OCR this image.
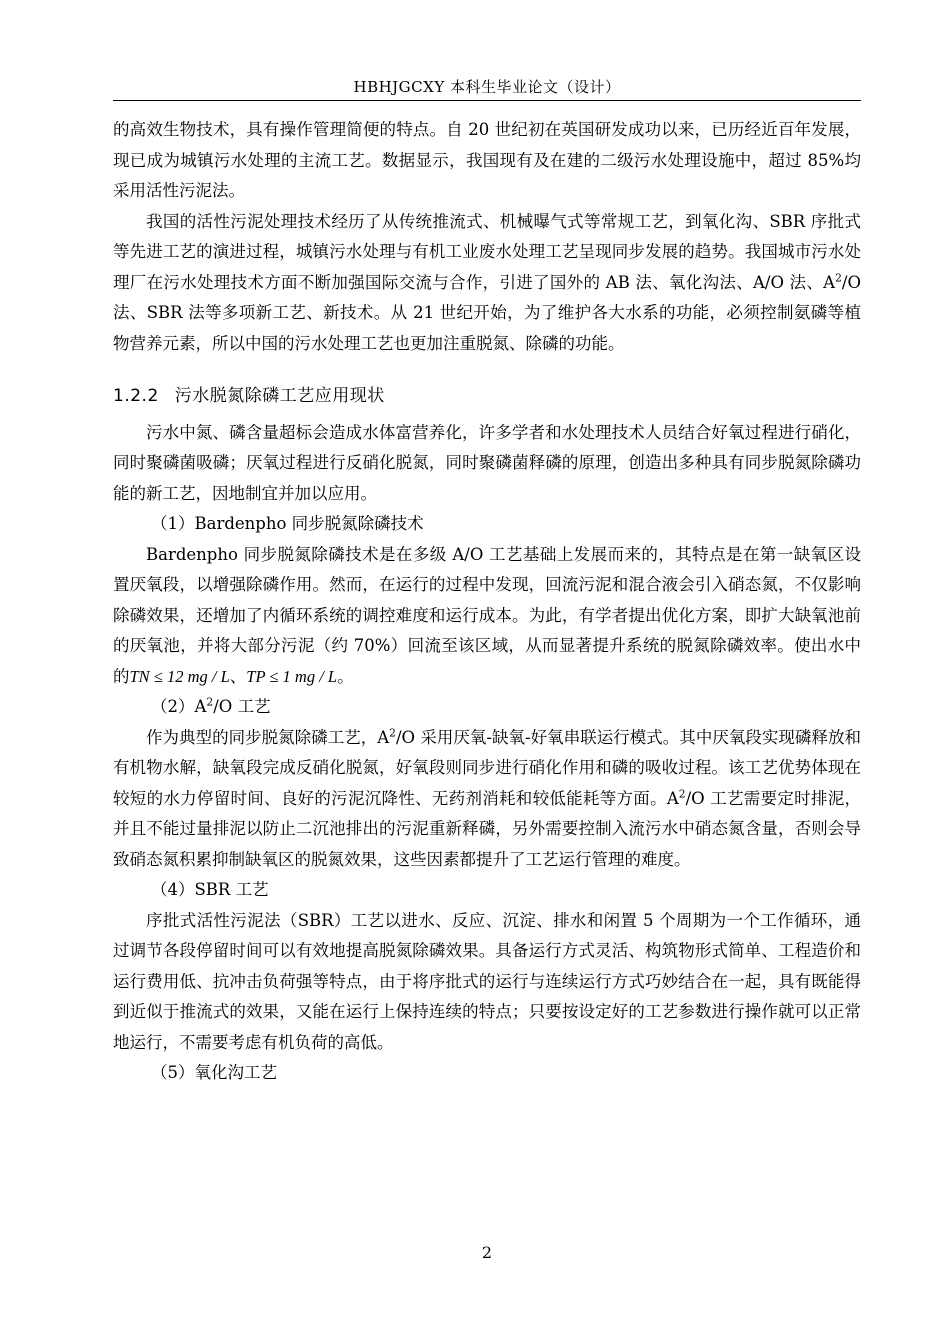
HBHJGCXY 本科生毕业论文（设计）

的高效生物技术，具有操作管理简便的特点。自 20 世纪初在英国研发成功以来，已历经近百年发展，现已成为城镇污水处理的主流工艺。数据显示，我国现有及在建的二级污水处理设施中，超过 85%均采用活性污泥法。

我国的活性污泥处理技术经历了从传统推流式、机械曝气式等常规工艺，到氧化沟、SBR 序批式等先进工艺的演进过程，城镇污水处理与有机工业废水处理工艺呈现同步发展的趋势。我国城市污水处理厂在污水处理技术方面不断加强国际交流与合作，引进了国外的 AB 法、氧化沟法、A/O 法、$A^2/O$ 法、SBR 法等多项新工艺、新技术。从 21 世纪开始，为了维护各大水系的功能，必须控制氨磷等植物营养元素，所以中国的污水处理工艺也更加注重脱氮、除磷的功能。

1.2.2 污水脱氮除磷工艺应用现状

污水中氮、磷含量超标会造成水体富营养化，许多学者和水处理技术人员结合好氧过程进行硝化，同时聚磷菌吸磷；厌氧过程进行反硝化脱氮，同时聚磷菌释磷的原理，创造出多种具有同步脱氮除磷功能的新工艺，因地制宜并加以应用。

（1）Bardenpho 同步脱氮除磷技术

Bardenpho 同步脱氮除磷技术是在多级 A/O 工艺基础上发展而来的，其特点是在第一缺氧区设置厌氧段，以增强除磷作用。然而，在运行的过程中发现，回流污泥和混合液会引入硝态氮，不仅影响除磷效果，还增加了内循环系统的调控难度和运行成本。为此，有学者提出优化方案，即扩大缺氧池前的厌氧池，并将大部分污泥（约 70%）回流至该区域，从而显著提升系统的脱氮除磷效率。使出水中的TN ≤ 12 mg / L、TP ≤ 1 mg / L。

$(2)A^2/O$ 工艺

作为典型的同步脱氮除磷工艺，$A^2/O$ 采用厌氧-缺氧-好氧串联运行模式。其中厌氧段实现磷释放和有机物水解，缺氧段完成反硝化脱氮，好氧段则同步进行硝化作用和磷的吸收过程。该工艺优势体现在较短的水力停留时间、良好的污泥沉降性、无药剂消耗和较低能耗等方面。$A^2/O$ 工艺需要定时排泥，并且不能过量排泥以防止二沉池排出的污泥重新释磷，另外需要控制入流污水中硝态氮含量，否则会导致硝态氮积累抑制缺氧区的脱氮效果，这些因素都提升了工艺运行管理的难度。

（4）SBR 工艺

序批式活性污泥法（SBR）工艺以进水、反应、沉淀、排水和闲置 5 个周期为一个工作循环，通过调节各段停留时间可以有效地提高脱氮除磷效果。具备运行方式灵活、构筑物形式简单、工程造价和运行费用低、抗冲击负荷强等特点，由于将序批式的运行与连续运行方式巧妙结合在一起，具有既能得到近似于推流式的效果，又能在运行上保持连续的特点；只要按设定好的工艺参数进行操作就可以正常地运行，不需要考虑有机负荷的高低。

（5）氧化沟工艺

2
